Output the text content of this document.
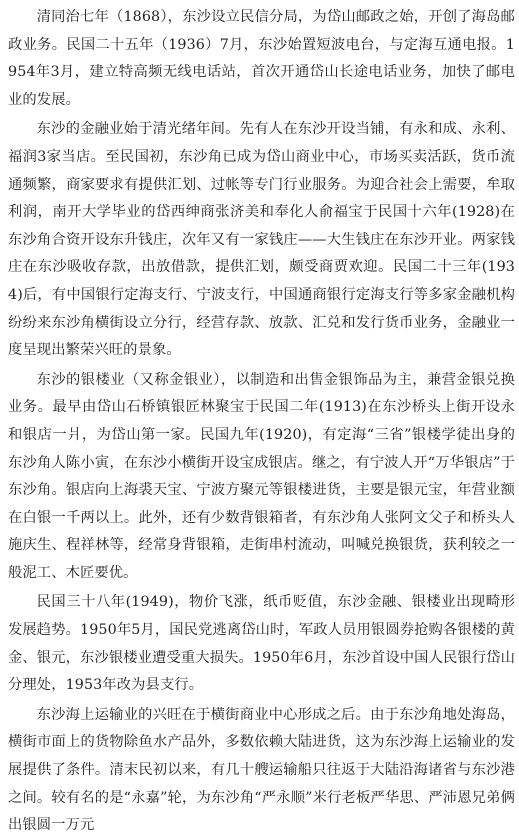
清同治七年（1868），东沙设立民信分局，为岱山邮政之始，开创了海岛邮政业务。民国二十五年（1936）7月，东沙始置短波电台，与定海互通电报。1954年3月，建立特高频无线电话站，首次开通岱山长途电话业务，加快了邮电业的发展。

东沙的金融业始于清光绪年间。先有人在东沙开设当铺，有永和成、永利、福润3家当店。至民国初，东沙角已成为岱山商业中心，市场买卖活跃，货币流通频繁，商家要求有提供汇划、过帐等专门行业服务。为迎合社会上需要，牟取利润，南开大学毕业的岱西绅商张济美和奉化人俞福宝于民国十六年(1928)在东沙角合资开设东升钱庄，次年又有一家钱庄——大生钱庄在东沙开业。两家钱庄在东沙吸收存款，出放借款，提供汇划，颇受商贾欢迎。民国二十三年(1934)后，有中国银行定海支行、宁波支行，中国通商银行定海支行等多家金融机构纷纷来东沙角横街设立分行，经营存款、放款、汇兑和发行货币业务，金融业一度呈现出繁荣兴旺的景象。

东沙的银楼业（又称金银业），以制造和出售金银饰品为主，兼营金银兑换业务。最早由岱山石桥镇银匠林聚宝于民国二年(1913)在东沙桥头上街开设永和银店一爿，为岱山第一家。民国九年(1920)，有定海“三省”银楼学徒出身的东沙角人陈小寅，在东沙小横街开设宝成银店。继之，有宁波人开“万华银店”于东沙角。银店向上海裘天宝、宁波方聚元等银楼进货，主要是银元宝，年营业额在白银一千两以上。此外，还有少数背银箱者，有东沙角人张阿文父子和桥头人施庆生、程祥林等，经常身背银箱，走街串村流动，叫喊兑换银货，获利较之一般泥工、木匠要优。

民国三十八年(1949)，物价飞涨，纸币贬值，东沙金融、银楼业出现畸形发展趋势。1950年5月，国民党逃离岱山时，军政人员用银圆券抢购各银楼的黄金、银元，东沙银楼业遭受重大损失。1950年6月，东沙首设中国人民银行岱山分理处，1953年改为县支行。

东沙海上运输业的兴旺在于横街商业中心形成之后。由于东沙角地处海岛，横街市面上的货物除鱼水产品外，多数依赖大陆进货，这为东沙海上运输业的发展提供了条件。清末民初以来，有几十艘运输船只往返于大陆沿海诸省与东沙港之间。较有名的是“永嘉”轮，为东沙角“严永顺”米行老板严华思、严沛恩兄弟俩出银圆一万元
